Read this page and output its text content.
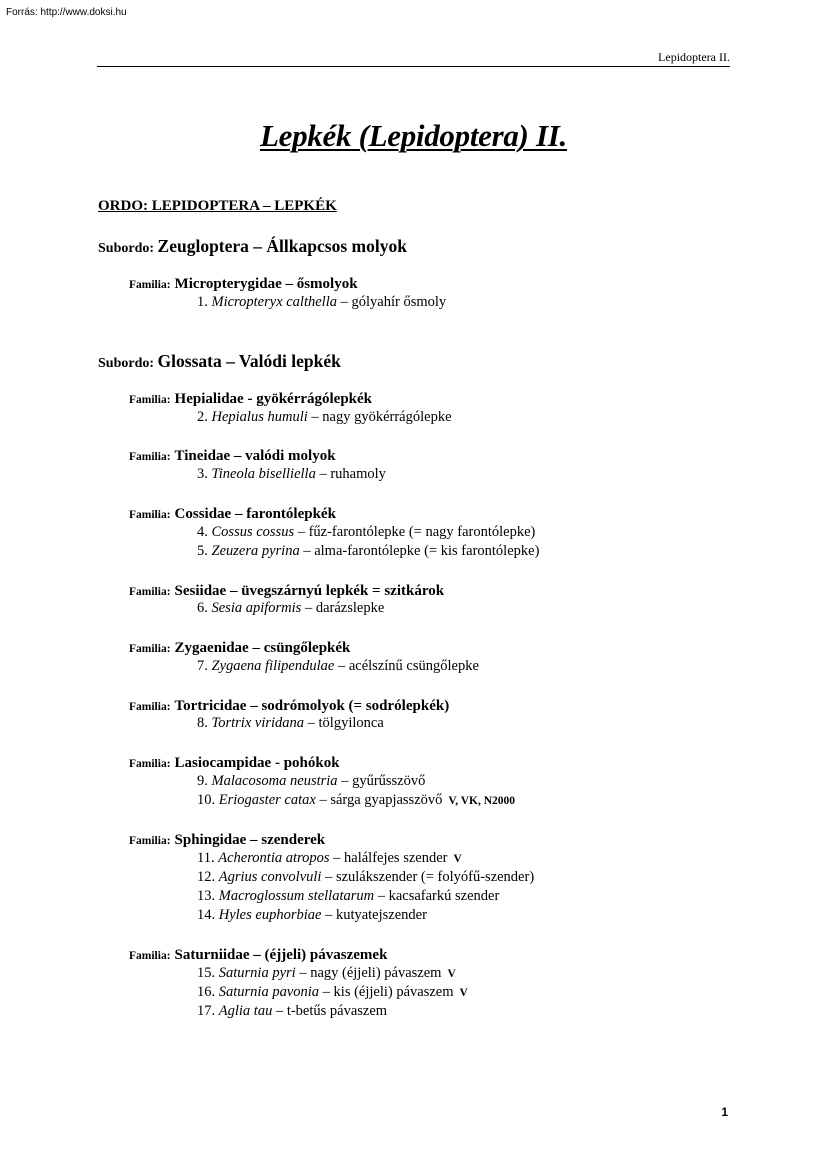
Forrás: http://www.doksi.hu
Lepidoptera II.
Lepkék (Lepidoptera) II.
ORDO: LEPIDOPTERA – LEPKÉK
Subordo: Zeugloptera – Állkapcsos molyok
Familia: Micropterygidae – ősmolyok
1. Micropteryx calthella – gólyahír ősmoly
Subordo: Glossata – Valódi lepkék
Familia: Hepialidae - gyökérrágólepkék
2. Hepialus humuli – nagy gyökérrágólepke
Familia: Tineidae – valódi molyok
3. Tineola biselliella – ruhamoly
Familia: Cossidae – farontólepkék
4. Cossus cossus – fűz-farontólepke (= nagy farontólepke)
5. Zeuzera pyrina – alma-farontólepke (= kis farontólepke)
Familia: Sesiidae – üvegszárnyú lepkék = szitkárok
6. Sesia apiformis – darázslepke
Familia: Zygaenidae – csüngőlepkék
7. Zygaena filipendulae – acélszínű csüngőlepke
Familia: Tortricidae – sodrómolyok (= sodrólepkék)
8. Tortrix viridana – tölgyiloncа
Familia: Lasiocampidae - pohókok
9. Malacosoma neustria – gyűrűsszövő
10. Eriogaster catax – sárga gyapjasszövő V, VK, N2000
Familia: Sphingidae – szenderek
11. Acherontia atropos – halálfejes szender V
12. Agrius convolvuli – szulákszender (= folyófű-szender)
13. Macroglossum stellatarum – kacsafarkú szender
14. Hyles euphorbiae – kutyatejszender
Familia: Saturniidae – (éjjeli) pávaszemek
15. Saturnia pyri – nagy (éjjeli) pávaszem V
16. Saturnia pavonia – kis (éjjeli) pávaszem V
17. Aglia tau – t-betűs pávaszem
1
